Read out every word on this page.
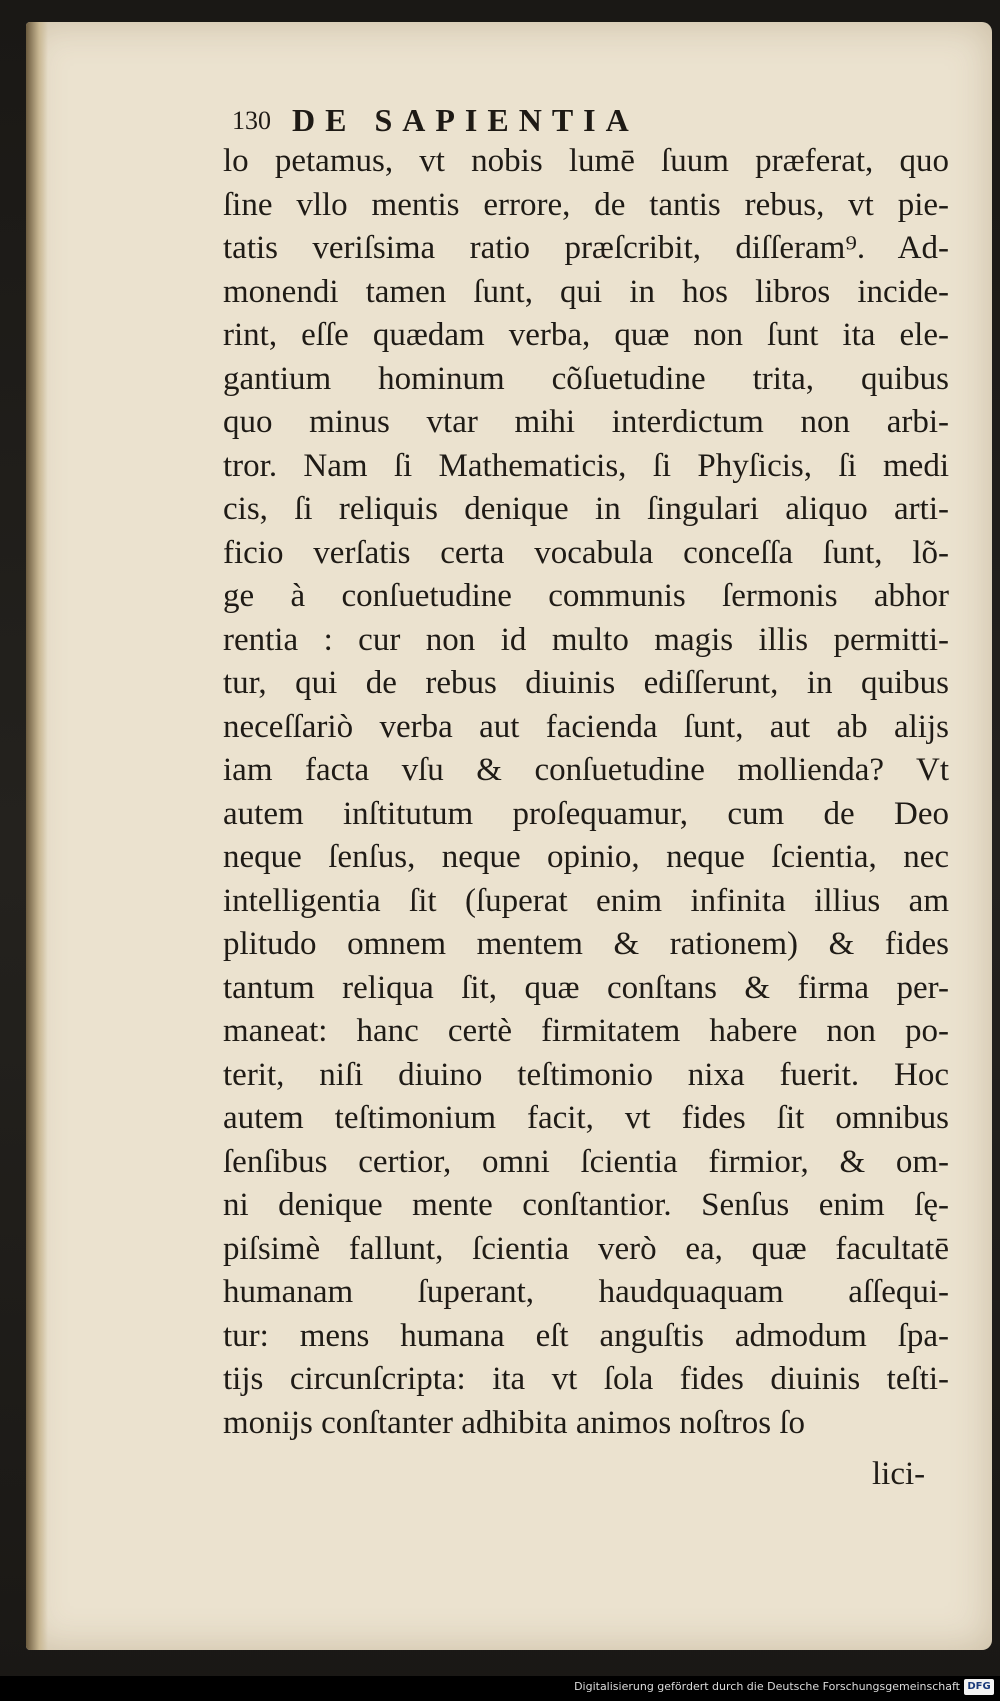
130 DE SAPIENTIA
lo petamus, vt nobis lumē ſuum præferat, quo
ſine vllo mentis errore, de tantis rebus, vt pie-
tatis veriſsima ratio præſcribit, diſſeram⁹. Ad-
monendi tamen ſunt, qui in hos libros incide-
rint, eſſe quædam verba, quæ non ſunt ita ele-
gantium hominum cõſuetudine trita, quibus
quo minus vtar mihi interdictum non arbi-
tror. Nam ſi Mathematicis, ſi Phyſicis, ſi medi
cis, ſi reliquis denique in ſingulari aliquo arti-
ficio verſatis certa vocabula conceſſa ſunt, lõ-
ge à conſuetudine communis ſermonis abhor
rentia : cur non id multo magis illis permitti-
tur, qui de rebus diuinis ediſſerunt, in quibus
neceſſariò verba aut facienda ſunt, aut ab alijs
iam facta vſu & conſuetudine mollienda? Vt
autem inſtitutum proſequamur, cum de Deo
neque ſenſus, neque opinio, neque ſcientia, nec
intelligentia ſit (ſuperat enim infinita illius am
plitudo omnem mentem & rationem) & fides
tantum reliqua ſit, quæ conſtans & firma per-
maneat: hanc certè firmitatem habere non po-
terit, niſi diuino teſtimonio nixa fuerit. Hoc
autem teſtimonium facit, vt fides ſit omnibus
ſenſibus certior, omni ſcientia firmior, & om-
ni denique mente conſtantior. Senſus enim ſę-
piſsimè fallunt, ſcientia verò ea, quæ facultatē
humanam ſuperant, haudquaquam aſſequi-
tur: mens humana eſt anguſtis admodum ſpa-
tijs circunſcripta: ita vt ſola fides diuinis teſti-
monijs conſtanter adhibita animos noſtros ſo
lici-
Digitalisierung gefördert durch die Deutsche Forschungsgemeinschaft DFG
